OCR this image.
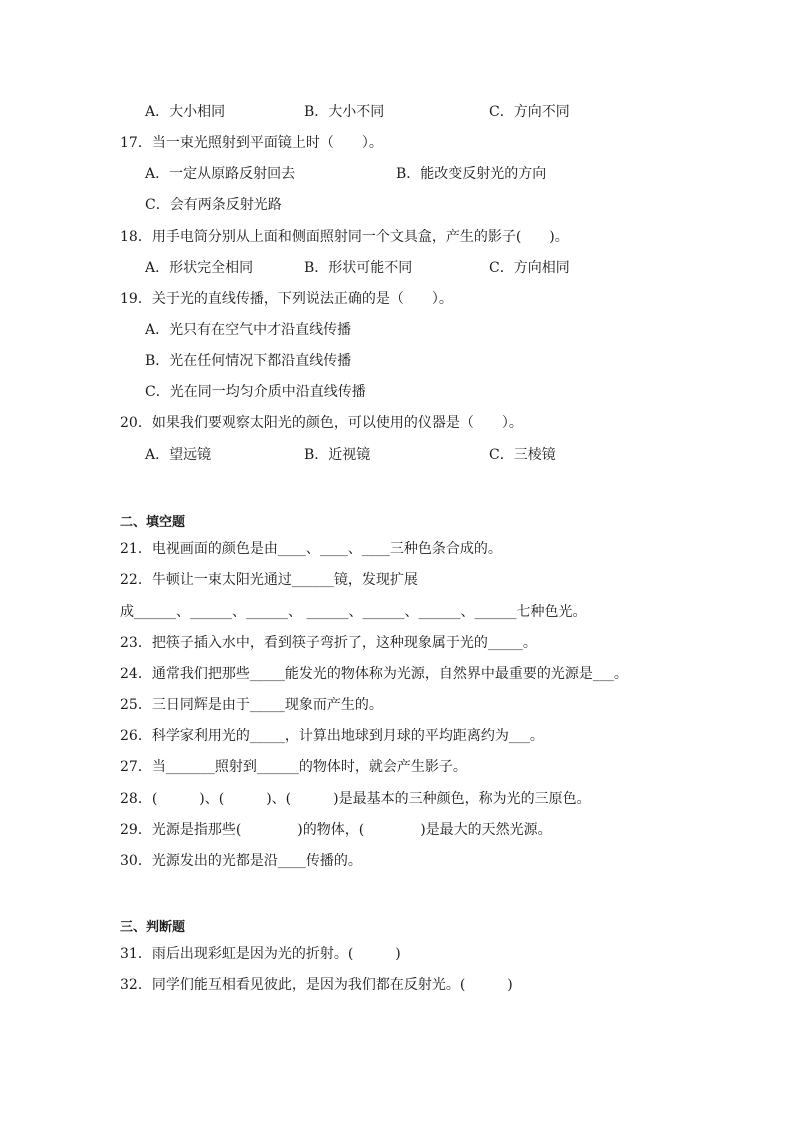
A．大小相同	B．大小不同	C．方向不同
17．当一束光照射到平面镜上时（　　）。
A．一定从原路反射回去	B．能改变反射光的方向
C．会有两条反射光路
18．用手电筒分别从上面和侧面照射同一个文具盒，产生的影子(　　)。
A．形状完全相同	B．形状可能不同	C．方向相同
19．关于光的直线传播，下列说法正确的是（　　）。
A．光只有在空气中才沿直线传播
B．光在任何情况下都沿直线传播
C．光在同一均匀介质中沿直线传播
20．如果我们要观察太阳光的颜色，可以使用的仪器是（　　）。
A．望远镜	B．近视镜	C．三棱镜
二、填空题
21．电视画面的颜色是由____、____、____三种色条合成的。
22．牛顿让一束太阳光通过______镜，发现扩展
成______、______、______、 ______、______、______、______七种色光。
23．把筷子插入水中，看到筷子弯折了，这种现象属于光的_____。
24．通常我们把那些_____能发光的物体称为光源，自然界中最重要的光源是___。
25．三日同辉是由于_____现象而产生的。
26．科学家利用光的_____，计算出地球到月球的平均距离约为___。
27．当_______照射到______的物体时，就会产生影子。
28．(　　　)、(　　　)、(　　　)是最基本的三种颜色，称为光的三原色。
29．光源是指那些(　　　　)的物体，(　　　　)是最大的天然光源。
30．光源发出的光都是沿____传播的。
三、判断题
31．雨后出现彩虹是因为光的折射。(　　　)
32．同学们能互相看见彼此，是因为我们都在反射光。(　　　)
